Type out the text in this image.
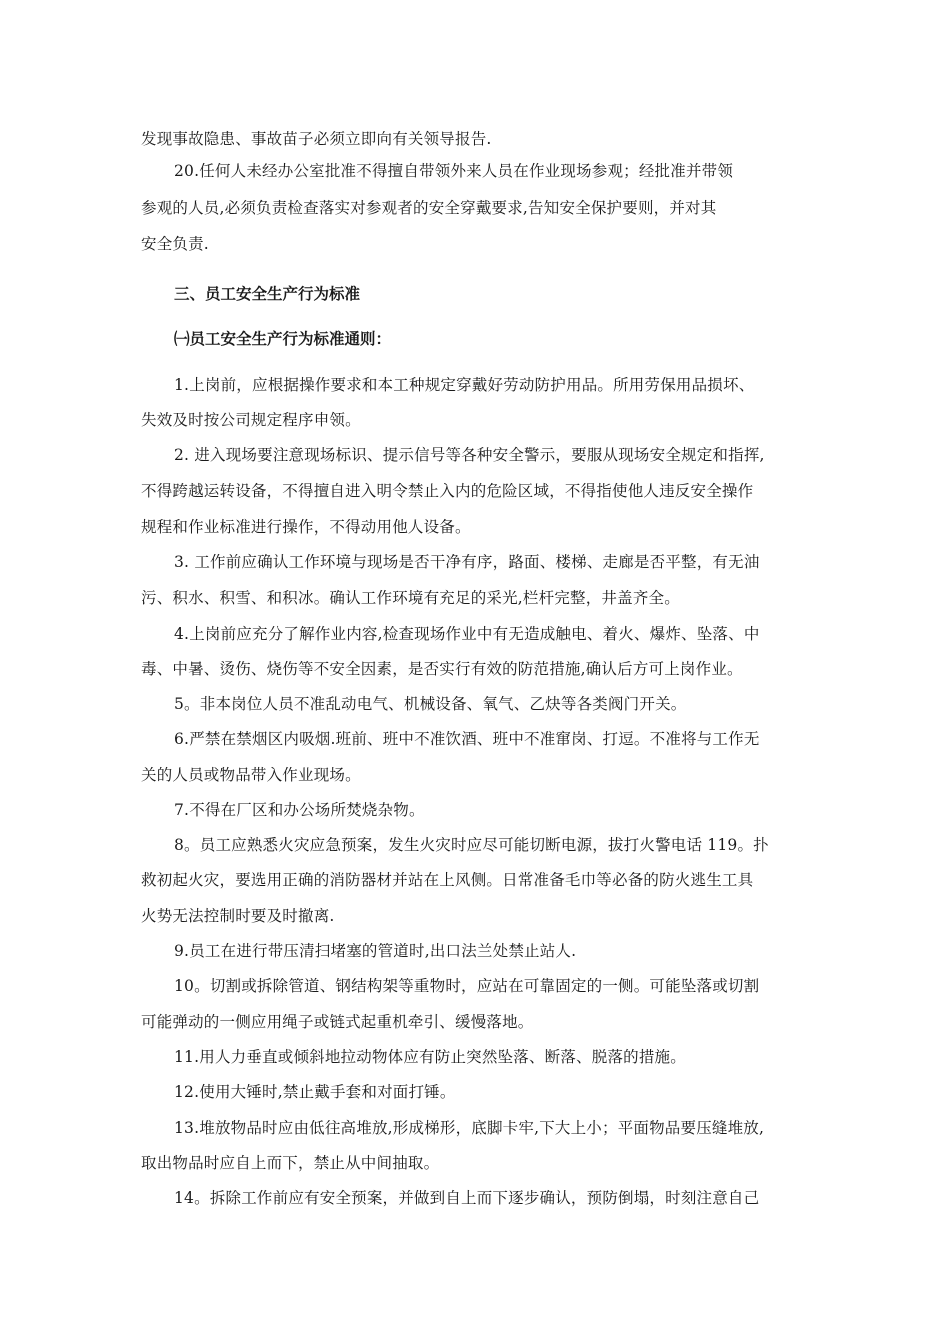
发现事故隐患、事故苗子必须立即向有关领导报告.
20.任何人未经办公室批准不得擅自带领外来人员在作业现场参观；经批准并带领
参观的人员,必须负责检查落实对参观者的安全穿戴要求,告知安全保护要则，并对其
安全负责.
三、员工安全生产行为标准
㈠员工安全生产行为标准通则：
1.上岗前，应根据操作要求和本工种规定穿戴好劳动防护用品。所用劳保用品损坏、
失效及时按公司规定程序申领。
2. 进入现场要注意现场标识、提示信号等各种安全警示，要服从现场安全规定和指挥,
不得跨越运转设备，不得擅自进入明令禁止入内的危险区域，不得指使他人违反安全操作
规程和作业标准进行操作，不得动用他人设备。
3. 工作前应确认工作环境与现场是否干净有序，路面、楼梯、走廊是否平整，有无油
污、积水、积雪、和积冰。确认工作环境有充足的采光,栏杆完整，井盖齐全。
4.上岗前应充分了解作业内容,检查现场作业中有无造成触电、着火、爆炸、坠落、中
毒、中暑、烫伤、烧伤等不安全因素，是否实行有效的防范措施,确认后方可上岗作业。
5。非本岗位人员不准乱动电气、机械设备、氧气、乙炔等各类阀门开关。
6.严禁在禁烟区内吸烟.班前、班中不准饮酒、班中不准窜岗、打逗。不准将与工作无
关的人员或物品带入作业现场。
7.不得在厂区和办公场所焚烧杂物。
8。员工应熟悉火灾应急预案，发生火灾时应尽可能切断电源，拔打火警电话 119。扑
救初起火灾，要选用正确的消防器材并站在上风侧。日常准备毛巾等必备的防火逃生工具
火势无法控制时要及时撤离.
9.员工在进行带压清扫堵塞的管道时,出口法兰处禁止站人.
10。切割或拆除管道、钢结构架等重物时，应站在可靠固定的一侧。可能坠落或切割
可能弹动的一侧应用绳子或链式起重机牵引、缓慢落地。
11.用人力垂直或倾斜地拉动物体应有防止突然坠落、断落、脱落的措施。
12.使用大锤时,禁止戴手套和对面打锤。
13.堆放物品时应由低往高堆放,形成梯形，底脚卡牢,下大上小；平面物品要压缝堆放,
取出物品时应自上而下，禁止从中间抽取。
14。拆除工作前应有安全预案，并做到自上而下逐步确认，预防倒塌，时刻注意自己
